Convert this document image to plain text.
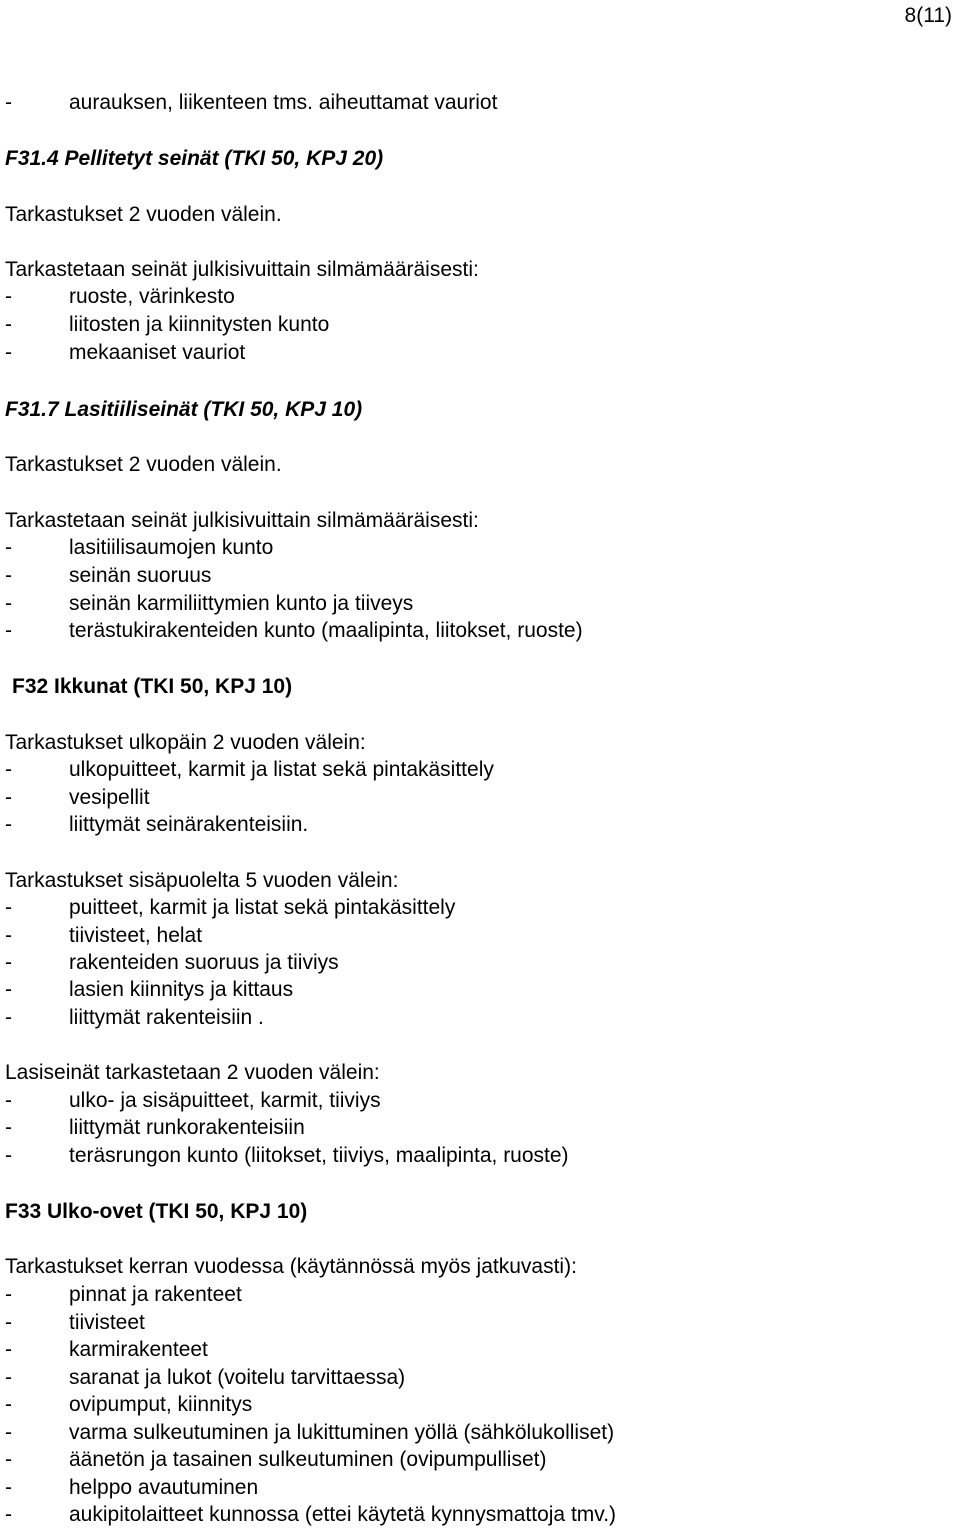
8(11)
-	aurauksen, liikenteen tms. aiheuttamat vauriot
F31.4 Pellitetyt seinät (TKI 50, KPJ 20)
Tarkastukset 2 vuoden välein.
Tarkastetaan seinät julkisivuittain silmämääräisesti:
-	ruoste, värinkesto
-	liitosten ja kiinnitysten kunto
-	mekaaniset vauriot
F31.7 Lasitiiliseinät (TKI 50, KPJ 10)
Tarkastukset 2 vuoden välein.
Tarkastetaan seinät julkisivuittain silmämääräisesti:
-	lasitiilisaumojen kunto
-	seinän suoruus
-	seinän karmiliittymien kunto ja tiiveys
-	terästukirakenteiden kunto (maalipinta, liitokset, ruoste)
F32 Ikkunat (TKI 50, KPJ 10)
Tarkastukset ulkopäin 2 vuoden välein:
-	ulkopuitteet, karmit ja listat sekä pintakäsittely
-	vesipellit
-	liittymät seinärakenteisiin.
Tarkastukset sisäpuolelta 5 vuoden välein:
-	puitteet, karmit ja listat sekä pintakäsittely
-	tiivisteet, helat
-	rakenteiden suoruus ja tiiviys
-	lasien kiinnitys ja kittaus
-	liittymät rakenteisiin .
Lasiseinät tarkastetaan 2 vuoden välein:
-	ulko- ja sisäpuitteet, karmit, tiiviys
-	liittymät runkorakenteisiin
-	teräsrungon kunto (liitokset, tiiviys, maalipinta, ruoste)
F33 Ulko-ovet (TKI 50, KPJ 10)
Tarkastukset kerran vuodessa (käytännössä myös jatkuvasti):
-	pinnat ja rakenteet
-	tiivisteet
-	karmirakenteet
-	saranat ja lukot (voitelu tarvittaessa)
-	ovipumput, kiinnitys
-	varma sulkeutuminen ja lukittuminen yöllä (sähkölukolliset)
-	äänetön ja tasainen sulkeutuminen (ovipumpulliset)
-	helppo avautuminen
-	aukipitolaitteet kunnossa (ettei käytetä kynnysmattoja tmv.)
